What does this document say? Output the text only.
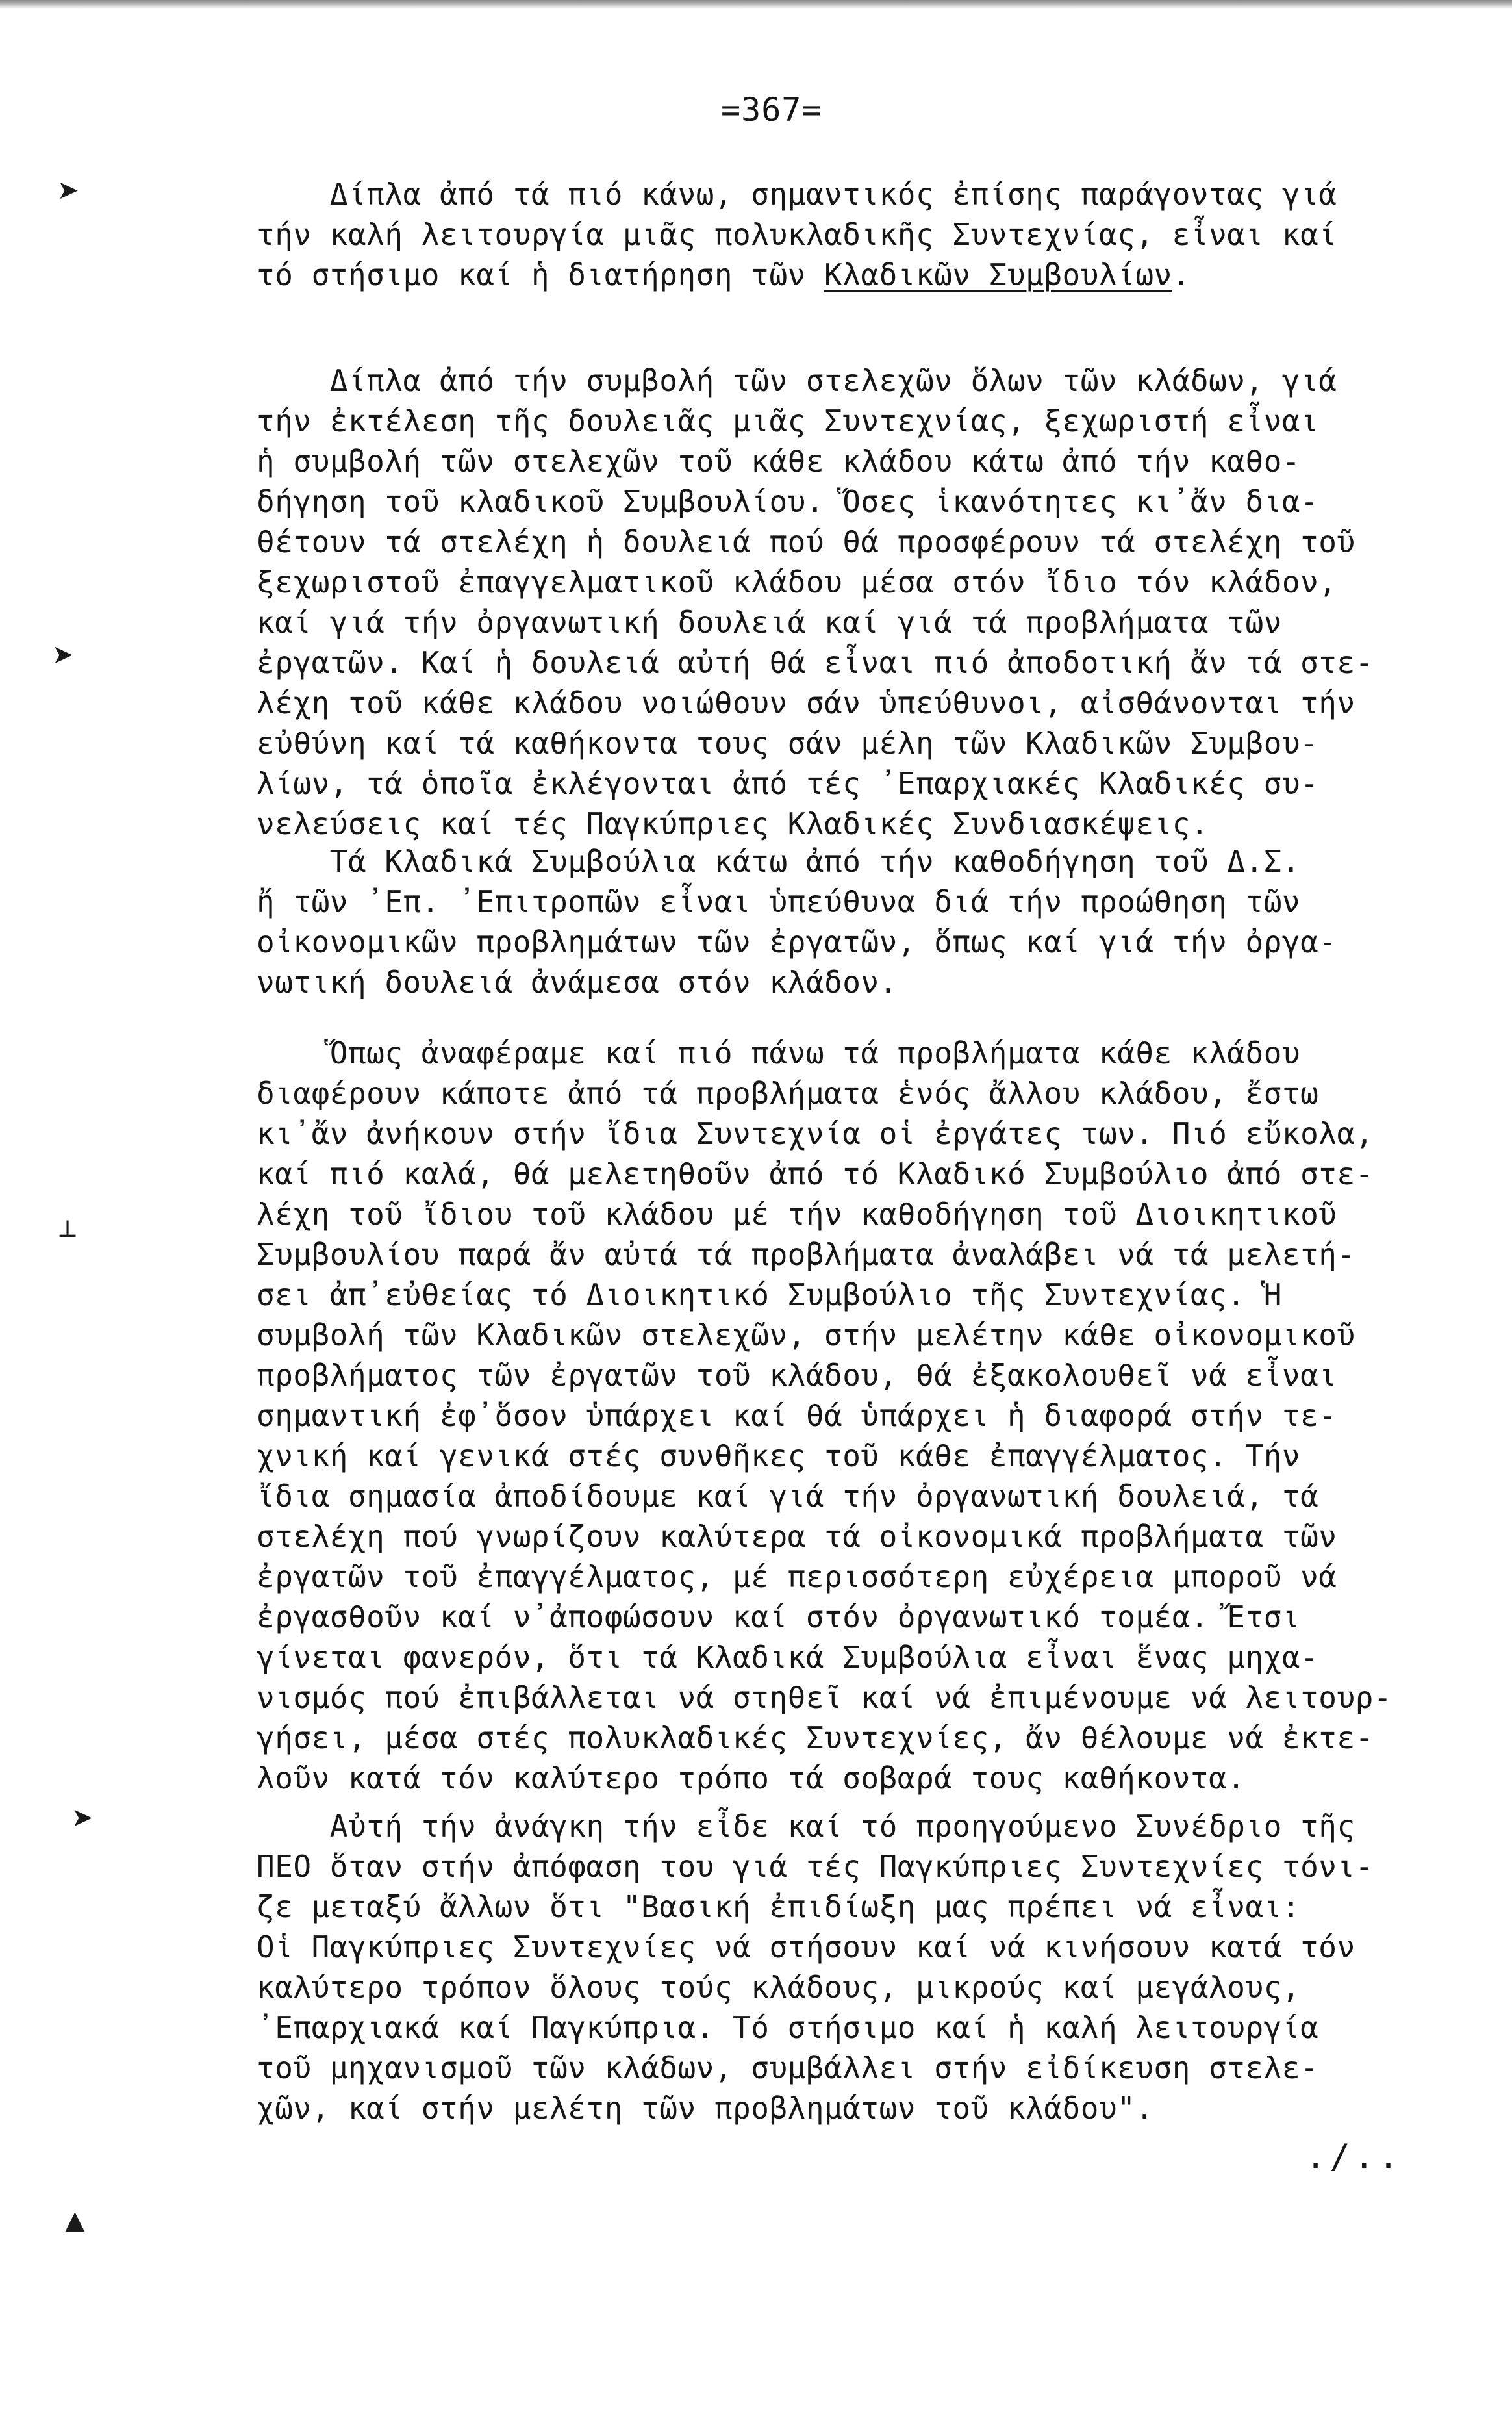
=367=
➤
➤
┴
➤
▲
Δίπλα ἀπό τά πιό κάνω, σημαντικός ἐπίσης παράγοντας γιά
τήν καλή λειτουργία μιᾶς πολυκλαδικῆς Συντεχνίας, εἶναι καί
τό στήσιμο καί ἡ διατήρηση τῶν Κλαδικῶν Συμβουλίων.
Δίπλα ἀπό τήν συμβολή τῶν στελεχῶν ὅλων τῶν κλάδων, γιά
τήν ἐκτέλεση τῆς δουλειᾶς μιᾶς Συντεχνίας, ξεχωριστή εἶναι
ἡ συμβολή τῶν στελεχῶν τοῦ κάθε κλάδου κάτω ἀπό τήν καθο-
δήγηση τοῦ κλαδικοῦ Συμβουλίου. Ὅσες ἱκανότητες κι᾽ἄν δια-
θέτουν τά στελέχη ἡ δουλειά πού θά προσφέρουν τά στελέχη τοῦ
ξεχωριστοῦ ἐπαγγελματικοῦ κλάδου μέσα στόν ἴδιο τόν κλάδον,
καί γιά τήν ὀργανωτική δουλειά καί γιά τά προβλήματα τῶν
ἐργατῶν. Καί ἡ δουλειά αὐτή θά εἶναι πιό ἀποδοτική ἄν τά στε-
λέχη τοῦ κάθε κλάδου νοιώθουν σάν ὑπεύθυνοι, αἰσθάνονται τήν
εὐθύνη καί τά καθήκοντα τους σάν μέλη τῶν Κλαδικῶν Συμβου-
λίων, τά ὁποῖα ἐκλέγονται ἀπό τές ᾽Επαρχιακές Κλαδικές συ-
νελεύσεις καί τές Παγκύπριες Κλαδικές Συνδιασκέψεις.
Τά Κλαδικά Συμβούλια κάτω ἀπό τήν καθοδήγηση τοῦ Δ.Σ.
ἤ τῶν ᾽Επ. ᾽Επιτροπῶν εἶναι ὑπεύθυνα διά τήν προώθηση τῶν
οἰκονομικῶν προβλημάτων τῶν ἐργατῶν, ὅπως καί γιά τήν ὀργα-
νωτική δουλειά ἀνάμεσα στόν κλάδον.
Ὅπως ἀναφέραμε καί πιό πάνω τά προβλήματα κάθε κλάδου
διαφέρουν κάποτε ἀπό τά προβλήματα ἑνός ἄλλου κλάδου, ἔστω
κι᾽ἄν ἀνήκουν στήν ἴδια Συντεχνία οἱ ἐργάτες των. Πιό εὔκολα,
καί πιό καλά, θά μελετηθοῦν ἀπό τό Κλαδικό Συμβούλιο ἀπό στε-
λέχη τοῦ ἴδιου τοῦ κλάδου μέ τήν καθοδήγηση τοῦ Διοικητικοῦ
Συμβουλίου παρά ἄν αὐτά τά προβλήματα ἀναλάβει νά τά μελετή-
σει ἀπ᾽εὐθείας τό Διοικητικό Συμβούλιο τῆς Συντεχνίας. Ἡ
συμβολή τῶν Κλαδικῶν στελεχῶν, στήν μελέτην κάθε οἰκονομικοῦ
προβλήματος τῶν ἐργατῶν τοῦ κλάδου, θά ἐξακολουθεῖ νά εἶναι
σημαντική ἐφ᾽ὅσον ὑπάρχει καί θά ὑπάρχει ἡ διαφορά στήν τε-
χνική καί γενικά στές συνθῆκες τοῦ κάθε ἐπαγγέλματος. Τήν
ἴδια σημασία ἀποδίδουμε καί γιά τήν ὀργανωτική δουλειά, τά
στελέχη πού γνωρίζουν καλύτερα τά οἰκονομικά προβλήματα τῶν
ἐργατῶν τοῦ ἐπαγγέλματος, μέ περισσότερη εὐχέρεια μποροῦ νά
ἐργασθοῦν καί ν᾽ἀποφώσουν καί στόν ὀργανωτικό τομέα. Ἔτσι
γίνεται φανερόν, ὅτι τά Κλαδικά Συμβούλια εἶναι ἕνας μηχα-
νισμός πού ἐπιβάλλεται νά στηθεῖ καί νά ἐπιμένουμε νά λειτουρ-
γήσει, μέσα στές πολυκλαδικές Συντεχνίες, ἄν θέλουμε νά ἐκτε-
λοῦν κατά τόν καλύτερο τρόπο τά σοβαρά τους καθήκοντα.
Αὐτή τήν ἀνάγκη τήν εἶδε καί τό προηγούμενο Συνέδριο τῆς
ΠΕΟ ὅταν στήν ἀπόφαση του γιά τές Παγκύπριες Συντεχνίες τόνι-
ζε μεταξύ ἄλλων ὅτι "Βασική ἐπιδίωξη μας πρέπει νά εἶναι:
Οἱ Παγκύπριες Συντεχνίες νά στήσουν καί νά κινήσουν κατά τόν
καλύτερο τρόπον ὅλους τούς κλάδους, μικρούς καί μεγάλους,
᾽Επαρχιακά καί Παγκύπρια. Τό στήσιμο καί ἡ καλή λειτουργία
τοῦ μηχανισμοῦ τῶν κλάδων, συμβάλλει στήν εἰδίκευση στελε-
χῶν, καί στήν μελέτη τῶν προβλημάτων τοῦ κλάδου".
./..
